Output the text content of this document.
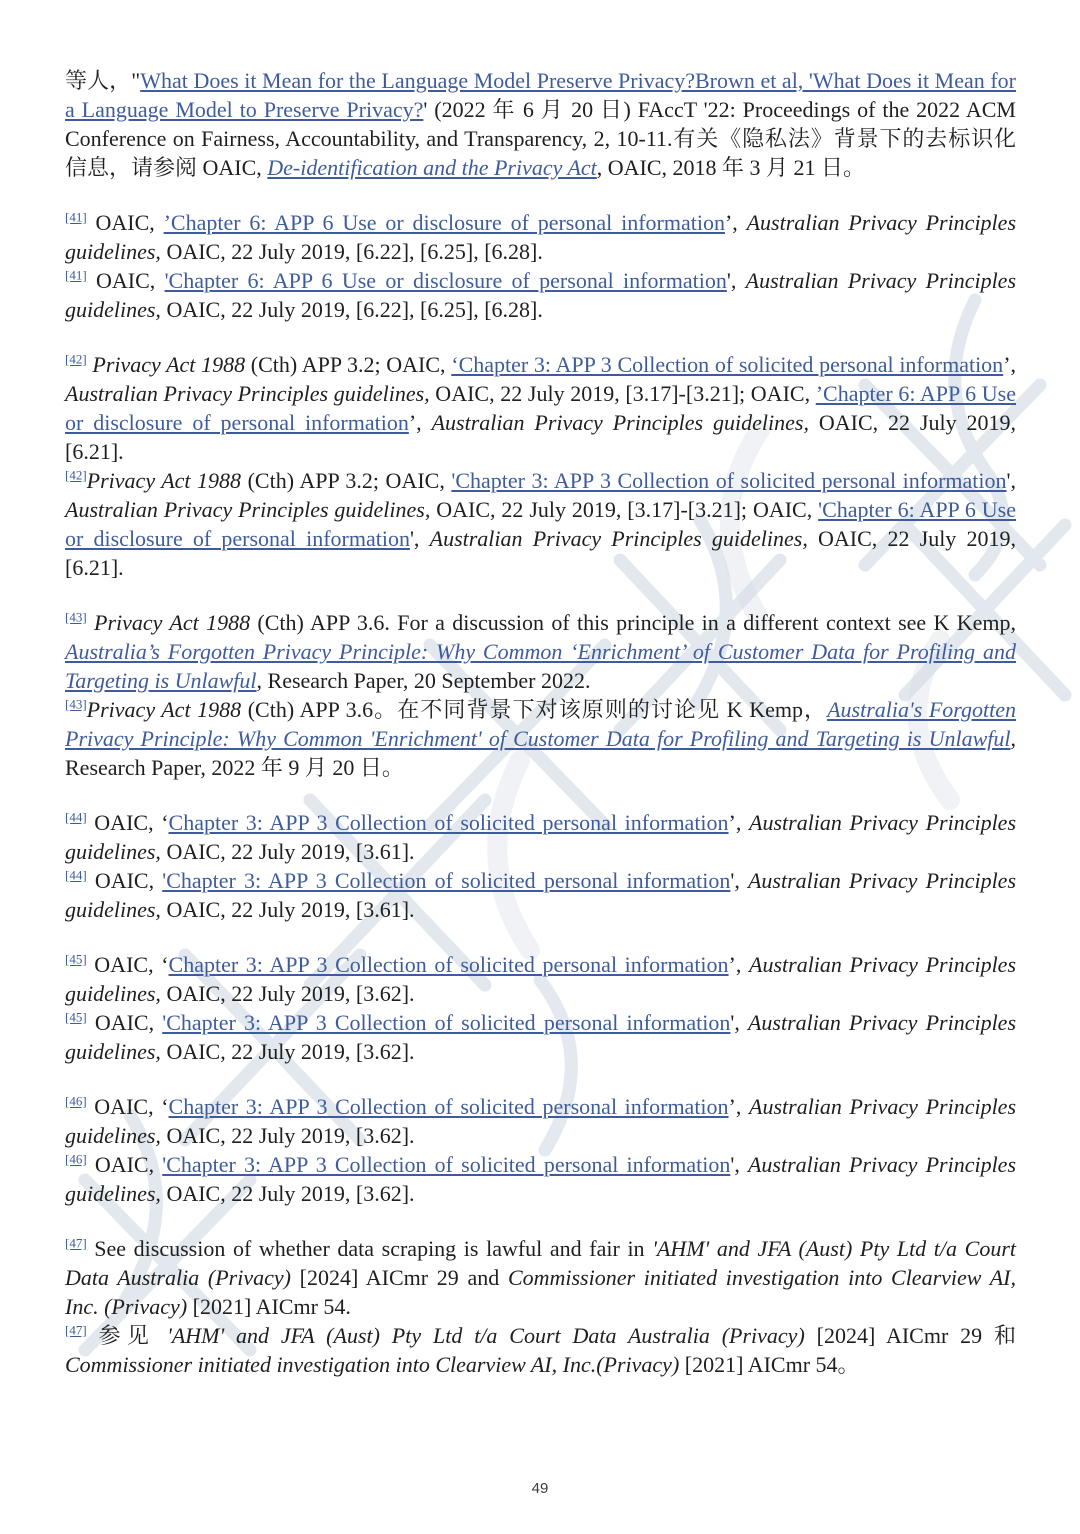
等人，"What Does it Mean for the Language Model Preserve Privacy?Brown et al, 'What Does it Mean for a Language Model to Preserve Privacy?' (2022 年 6 月 20 日) FAccT '22: Proceedings of the 2022 ACM Conference on Fairness, Accountability, and Transparency, 2, 10-11.有关《隐私法》背景下的去标识化信息，请参阅 OAIC, De-identification and the Privacy Act, OAIC, 2018 年 3 月 21 日。

[41] OAIC, ’Chapter 6: APP 6 Use or disclosure of personal information’, Australian Privacy Principles guidelines, OAIC, 22 July 2019, [6.22], [6.25], [6.28].

[41] OAIC, 'Chapter 6: APP 6 Use or disclosure of personal information', Australian Privacy Principles guidelines, OAIC, 22 July 2019, [6.22], [6.25], [6.28].

[42] Privacy Act 1988 (Cth) APP 3.2; OAIC, ‘Chapter 3: APP 3 Collection of solicited personal information’, Australian Privacy Principles guidelines, OAIC, 22 July 2019, [3.17]-[3.21]; OAIC, ’Chapter 6: APP 6 Use or disclosure of personal information’, Australian Privacy Principles guidelines, OAIC, 22 July 2019, [6.21].

[42]Privacy Act 1988 (Cth) APP 3.2; OAIC, 'Chapter 3: APP 3 Collection of solicited personal information', Australian Privacy Principles guidelines, OAIC, 22 July 2019, [3.17]-[3.21]; OAIC, 'Chapter 6: APP 6 Use or disclosure of personal information', Australian Privacy Principles guidelines, OAIC, 22 July 2019, [6.21].

[43] Privacy Act 1988 (Cth) APP 3.6. For a discussion of this principle in a different context see K Kemp, Australia’s Forgotten Privacy Principle: Why Common ‘Enrichment’ of Customer Data for Profiling and Targeting is Unlawful, Research Paper, 20 September 2022.

[43]Privacy Act 1988 (Cth) APP 3.6。在不同背景下对该原则的讨论见 K Kemp，Australia's Forgotten Privacy Principle: Why Common 'Enrichment' of Customer Data for Profiling and Targeting is Unlawful, Research Paper, 2022 年 9 月 20 日。

[44] OAIC, ‘Chapter 3: APP 3 Collection of solicited personal information’, Australian Privacy Principles guidelines, OAIC, 22 July 2019, [3.61].

[44] OAIC, 'Chapter 3: APP 3 Collection of solicited personal information', Australian Privacy Principles guidelines, OAIC, 22 July 2019, [3.61].

[45] OAIC, ‘Chapter 3: APP 3 Collection of solicited personal information’, Australian Privacy Principles guidelines, OAIC, 22 July 2019, [3.62].

[45] OAIC, 'Chapter 3: APP 3 Collection of solicited personal information', Australian Privacy Principles guidelines, OAIC, 22 July 2019, [3.62].

[46] OAIC, ‘Chapter 3: APP 3 Collection of solicited personal information’, Australian Privacy Principles guidelines, OAIC, 22 July 2019, [3.62].

[46] OAIC, 'Chapter 3: APP 3 Collection of solicited personal information', Australian Privacy Principles guidelines, OAIC, 22 July 2019, [3.62].

[47] See discussion of whether data scraping is lawful and fair in 'AHM' and JFA (Aust) Pty Ltd t/a Court Data Australia (Privacy) [2024] AICmr 29 and Commissioner initiated investigation into Clearview AI, Inc. (Privacy) [2021] AICmr 54.

[47] 参见 'AHM' and JFA (Aust) Pty Ltd t/a Court Data Australia (Privacy) [2024] AICmr 29 和 Commissioner initiated investigation into Clearview AI, Inc.(Privacy) [2021] AICmr 54。

49
